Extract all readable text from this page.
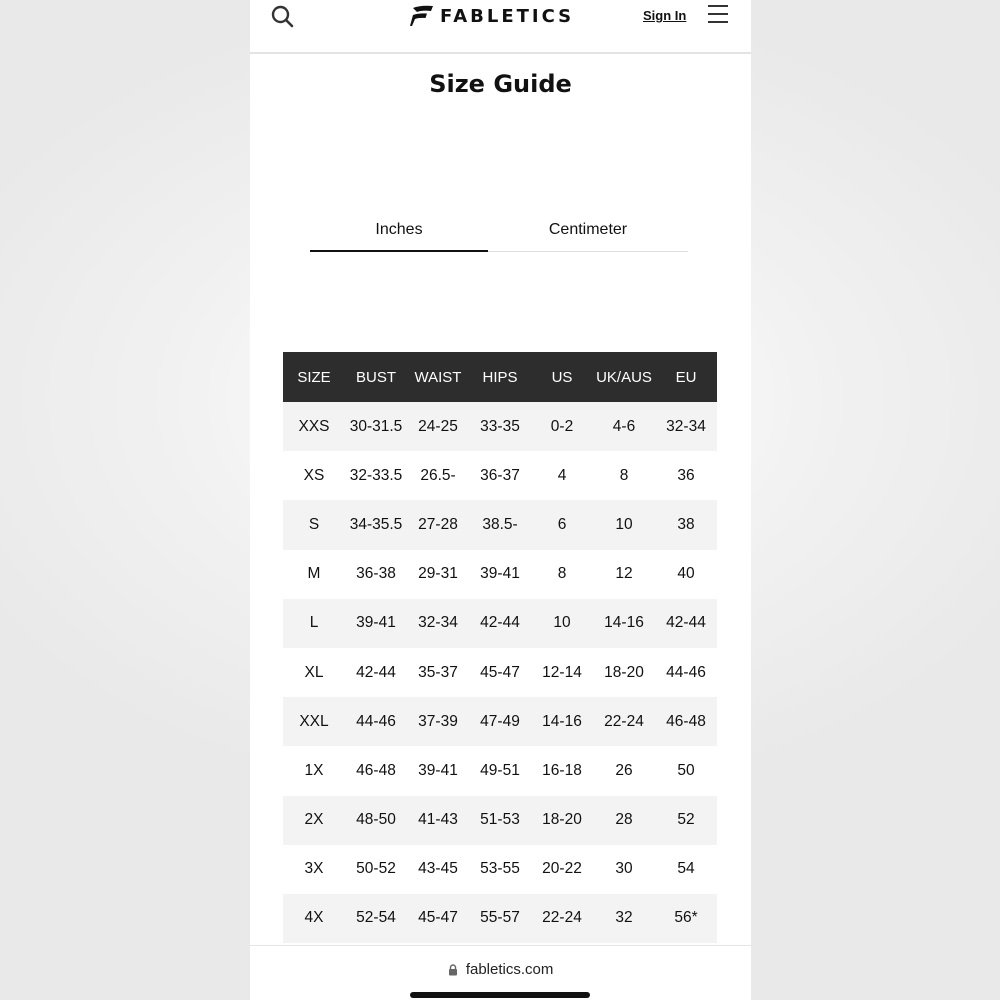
FABLETICS	Sign In
Size Guide
Inches	Centimeter
SIZE	BUST	WAIST	HIPS	US	UK/AUS	EU
XXS	30-31.5	24-25	33-35	0-2	4-6	32-34
XS	32-33.5	26.5-	36-37	4	8	36
S	34-35.5	27-28	38.5-	6	10	38
M	36-38	29-31	39-41	8	12	40
L	39-41	32-34	42-44	10	14-16	42-44
XL	42-44	35-37	45-47	12-14	18-20	44-46
XXL	44-46	37-39	47-49	14-16	22-24	46-48
1X	46-48	39-41	49-51	16-18	26	50
2X	48-50	41-43	51-53	18-20	28	52
3X	50-52	43-45	53-55	20-22	30	54
4X	52-54	45-47	55-57	22-24	32	56*
fabletics.com
